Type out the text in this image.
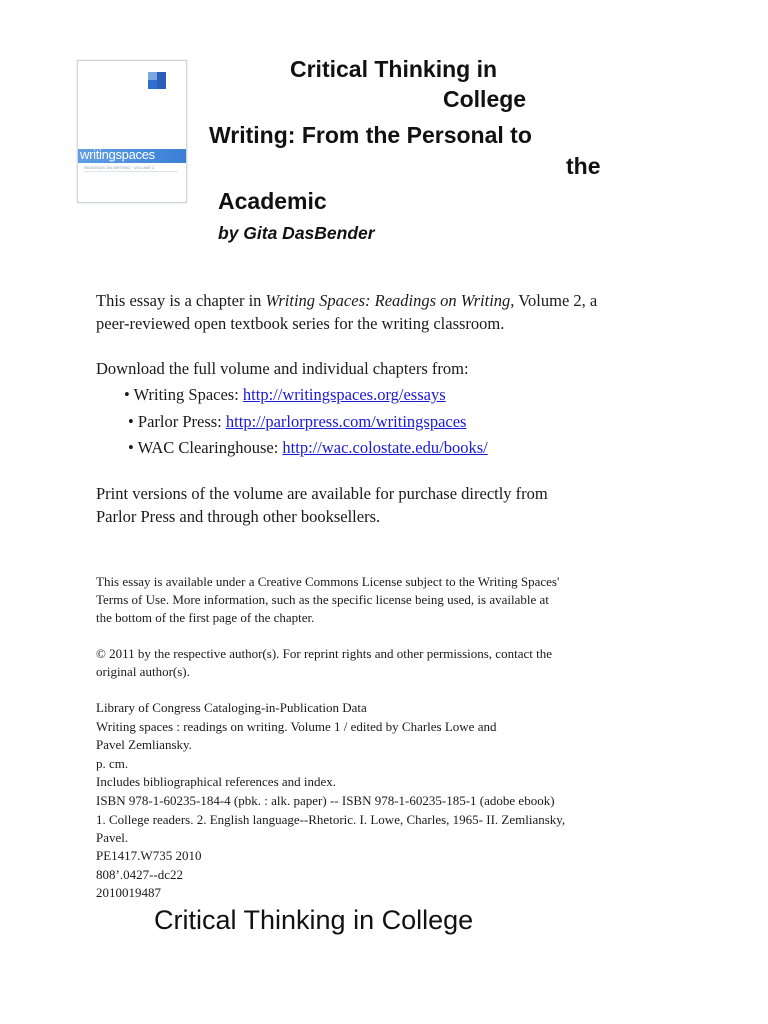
writingspaces
READINGS ON WRITING · VOLUME 2
Critical Thinking in
College
Writing: From the Personal to
the
Academic
by Gita DasBender
This essay is a chapter in Writing Spaces: Readings on Writing, Volume 2, a
peer-reviewed open textbook series for the writing classroom.
Download the full volume and individual chapters from:
• Writing Spaces: http://writingspaces.org/essays
• Parlor Press: http://parlorpress.com/writingspaces
• WAC Clearinghouse: http://wac.colostate.edu/books/
Print versions of the volume are available for purchase directly from
Parlor Press and through other booksellers.
This essay is available under a Creative Commons License subject to the Writing Spaces'
Terms of Use. More information, such as the specific license being used, is available at
the bottom of the first page of the chapter.
© 2011 by the respective author(s). For reprint rights and other permissions, contact the
original author(s).
Library of Congress Cataloging-in-Publication Data
Writing spaces : readings on writing. Volume 1 / edited by Charles Lowe and
Pavel Zemliansky.
p. cm.
Includes bibliographical references and index.
ISBN 978-1-60235-184-4 (pbk. : alk. paper) -- ISBN 978-1-60235-185-1 (adobe ebook)
1. College readers. 2. English language--Rhetoric. I. Lowe, Charles, 1965- II. Zemliansky,
Pavel.
PE1417.W735 2010
808’.0427--dc22
2010019487
Critical Thinking in College
